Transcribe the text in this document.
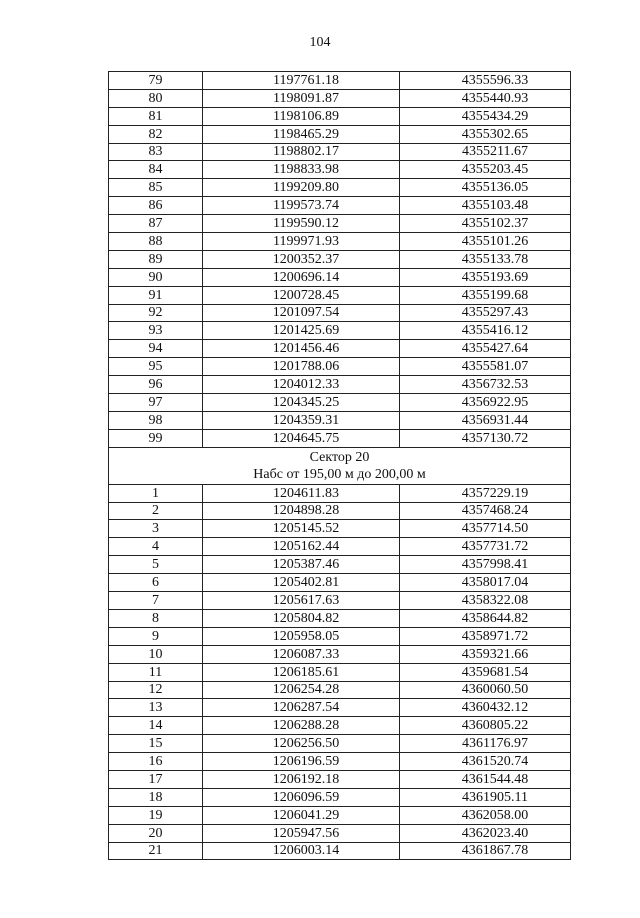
104
79	1197761.18	4355596.33
80	1198091.87	4355440.93
81	1198106.89	4355434.29
82	1198465.29	4355302.65
83	1198802.17	4355211.67
84	1198833.98	4355203.45
85	1199209.80	4355136.05
86	1199573.74	4355103.48
87	1199590.12	4355102.37
88	1199971.93	4355101.26
89	1200352.37	4355133.78
90	1200696.14	4355193.69
91	1200728.45	4355199.68
92	1201097.54	4355297.43
93	1201425.69	4355416.12
94	1201456.46	4355427.64
95	1201788.06	4355581.07
96	1204012.33	4356732.53
97	1204345.25	4356922.95
98	1204359.31	4356931.44
99	1204645.75	4357130.72

Сектор 20
Набс от 195,00 м до 200,00 м		

1	1204611.83	4357229.19
2	1204898.28	4357468.24
3	1205145.52	4357714.50
4	1205162.44	4357731.72
5	1205387.46	4357998.41
6	1205402.81	4358017.04
7	1205617.63	4358322.08
8	1205804.82	4358644.82
9	1205958.05	4358971.72
10	1206087.33	4359321.66
11	1206185.61	4359681.54
12	1206254.28	4360060.50
13	1206287.54	4360432.12
14	1206288.28	4360805.22
15	1206256.50	4361176.97
16	1206196.59	4361520.74
17	1206192.18	4361544.48
18	1206096.59	4361905.11
19	1206041.29	4362058.00
20	1205947.56	4362023.40
21	1206003.14	4361867.78
